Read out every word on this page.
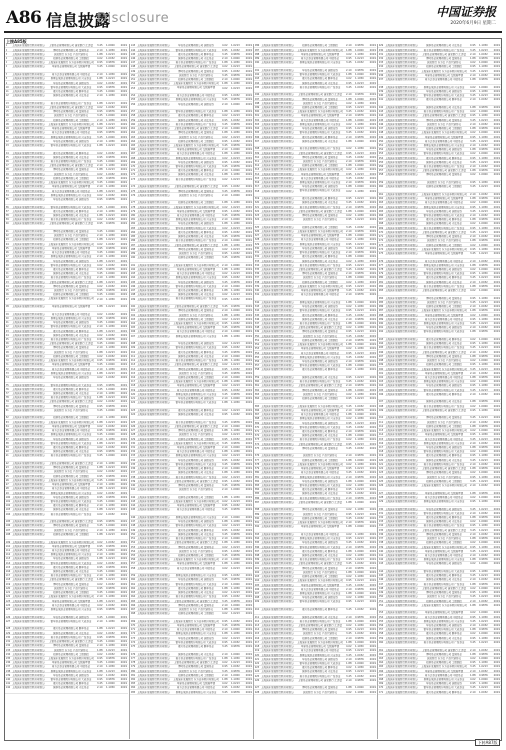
A86 信息披露
Disclosure	中国证券报
2020年6月9日 星期二
上接A85版
1	上海浦东发展银行股份有限公司 上银基金管理有限公司 浦发银行 汇添富	3.45	1.0000	2019
2	上海浦东发展银行股份有限公司	博时基金管理有限公司 富国基金	2.10	1.1050	2019
3	上海浦东发展银行股份有限公司	浦发银行 东方红 产品代销协议	1.88	1.0213	2019
4	上海浦东发展银行股份有限公司	招商基金管理有限公司 工银瑞信	4.02	1.0032	2019
5	上海浦东发展银行股份有限公司 上海浦东发展银行 东方证券股份有限公司	0.95	0.9876	2019
6	上海浦东发展银行股份有限公司	华夏基金管理有限公司 交银施罗德	3.45	1.0000	2019
7	上海浦东发展银行股份有限公司	易方达基金管理有限公司 中欧基金	2.10	1.1050	2019
8	上海浦东发展银行股份有限公司	景顺长城基金管理有限公司 兴全基金	1.88	1.0213	2019
9	上海浦东发展银行股份有限公司	华安基金管理有限公司 浦银安盛	4.02	1.0032	2019
10	上海浦东发展银行股份有限公司	银华基金管理股份有限公司 大成基金	0.95	0.9876	2019
11	上海浦东发展银行股份有限公司	嘉实基金管理有限公司 鹏华基金	3.45	1.0000	2019
12	上海浦东发展银行股份有限公司	国泰基金管理有限公司 天弘基金	2.10	1.1050	2019
13	上海浦东发展银行股份有限公司	南方基金管理股份有限公司 广发基金	1.88	1.0213	2019
14	上海浦东发展银行股份有限公司 上银基金管理有限公司 浦发银行 汇添富	4.02	1.0032	2019
15	上海浦东发展银行股份有限公司	博时基金管理有限公司 富国基金	0.95	0.9876	2019
16	上海浦东发展银行股份有限公司	浦发银行 东方红 产品代销协议	3.45	1.0000	2019
17	上海浦东发展银行股份有限公司	招商基金管理有限公司 工银瑞信	2.10	1.1050	2019
18	上海浦东发展银行股份有限公司 上海浦东发展银行 东方证券股份有限公司	1.88	1.0213	2019
19	上海浦东发展银行股份有限公司	华夏基金管理有限公司 交银施罗德	4.02	1.0032	2019
20	上海浦东发展银行股份有限公司	易方达基金管理有限公司 中欧基金	0.95	0.9876	2019
21	上海浦东发展银行股份有限公司	景顺长城基金管理有限公司 兴全基金	3.45	1.0000	2019
22	上海浦东发展银行股份有限公司	华安基金管理有限公司 浦银安盛	2.10	1.1050	2019
23	上海浦东发展银行股份有限公司	银华基金管理股份有限公司 大成基金	1.88	1.0213	2019
24	上海浦东发展银行股份有限公司	嘉实基金管理有限公司 鹏华基金	4.02	1.0032	2019
25	上海浦东发展银行股份有限公司	国泰基金管理有限公司 天弘基金	0.95	0.9876	2019
26	上海浦东发展银行股份有限公司	南方基金管理股份有限公司 广发基金	3.45	1.0000	2019
27	上海浦东发展银行股份有限公司 上银基金管理有限公司 浦发银行 汇添富	2.10	1.1050	2019
28	上海浦东发展银行股份有限公司	博时基金管理有限公司 富国基金	1.88	1.0213	2019
29	上海浦东发展银行股份有限公司	浦发银行 东方红 产品代销协议	4.02	1.0032	2019
30	上海浦东发展银行股份有限公司	招商基金管理有限公司 工银瑞信	0.95	0.9876	2019
31	上海浦东发展银行股份有限公司 上海浦东发展银行 东方证券股份有限公司	3.45	1.0000	2019
32	上海浦东发展银行股份有限公司	华夏基金管理有限公司 交银施罗德	2.10	1.1050	2019
33	上海浦东发展银行股份有限公司	易方达基金管理有限公司 中欧基金	1.88	1.0213	2019
34	上海浦东发展银行股份有限公司	景顺长城基金管理有限公司 兴全基金	4.02	1.0032	2019
35	上海浦东发展银行股份有限公司	华安基金管理有限公司 浦银安盛	0.95	0.9876	2019
36	上海浦东发展银行股份有限公司	银华基金管理股份有限公司 大成基金	3.45	1.0000	2019
37	上海浦东发展银行股份有限公司	嘉实基金管理有限公司 鹏华基金	2.10	1.1050	2019
38	上海浦东发展银行股份有限公司	国泰基金管理有限公司 天弘基金	1.88	1.0213	2019
39	上海浦东发展银行股份有限公司	南方基金管理股份有限公司 广发基金	4.02	1.0032	2019
40	上海浦东发展银行股份有限公司 上银基金管理有限公司 浦发银行 汇添富	0.95	0.9876	2019
41	上海浦东发展银行股份有限公司	博时基金管理有限公司 富国基金	3.45	1.0000	2019
42	上海浦东发展银行股份有限公司	浦发银行 东方红 产品代销协议	2.10	1.1050	2019
43	上海浦东发展银行股份有限公司	招商基金管理有限公司 工银瑞信	1.88	1.0213	2019
44	上海浦东发展银行股份有限公司 上海浦东发展银行 东方证券股份有限公司	4.02	1.0032	2019
45	上海浦东发展银行股份有限公司	华夏基金管理有限公司 交银施罗德	0.95	0.9876	2019
46	上海浦东发展银行股份有限公司	易方达基金管理有限公司 中欧基金	3.45	1.0000	2019
47	上海浦东发展银行股份有限公司	景顺长城基金管理有限公司 兴全基金	2.10	1.1050	2019
48	上海浦东发展银行股份有限公司	华安基金管理有限公司 浦银安盛	1.88	1.0213	2019
49	上海浦东发展银行股份有限公司	银华基金管理股份有限公司 大成基金	4.02	1.0032	2019
50	上海浦东发展银行股份有限公司	嘉实基金管理有限公司 鹏华基金	0.95	0.9876	2019
51	上海浦东发展银行股份有限公司	国泰基金管理有限公司 天弘基金	3.45	1.0000	2019
52	上海浦东发展银行股份有限公司	南方基金管理股份有限公司 广发基金	2.10	1.1050	2019
53	上海浦东发展银行股份有限公司 上银基金管理有限公司 浦发银行 汇添富	1.88	1.0213	2019
54	上海浦东发展银行股份有限公司	博时基金管理有限公司 富国基金	4.02	1.0032	2019
55	上海浦东发展银行股份有限公司	浦发银行 东方红 产品代销协议	0.95	0.9876	2019
56	上海浦东发展银行股份有限公司	招商基金管理有限公司 工银瑞信	3.45	1.0000	2019
57	上海浦东发展银行股份有限公司 上海浦东发展银行 东方证券股份有限公司	2.10	1.1050	2019
58	上海浦东发展银行股份有限公司	华夏基金管理有限公司 交银施罗德	1.88	1.0213	2019
59	上海浦东发展银行股份有限公司	易方达基金管理有限公司 中欧基金	4.02	1.0032	2019
60	上海浦东发展银行股份有限公司	景顺长城基金管理有限公司 兴全基金	0.95	0.9876	2019
61	上海浦东发展银行股份有限公司	华安基金管理有限公司 浦银安盛	3.45	1.0000	2019
62	上海浦东发展银行股份有限公司	银华基金管理股份有限公司 大成基金	2.10	1.1050	2019
63	上海浦东发展银行股份有限公司	嘉实基金管理有限公司 鹏华基金	1.88	1.0213	2019
64	上海浦东发展银行股份有限公司	国泰基金管理有限公司 天弘基金	4.02	1.0032	2019
65	上海浦东发展银行股份有限公司	南方基金管理股份有限公司 广发基金	0.95	0.9876	2019
66	上海浦东发展银行股份有限公司 上银基金管理有限公司 浦发银行 汇添富	3.45	1.0000	2019
67	上海浦东发展银行股份有限公司	博时基金管理有限公司 富国基金	2.10	1.1050	2019
68	上海浦东发展银行股份有限公司	浦发银行 东方红 产品代销协议	1.88	1.0213	2019
69	上海浦东发展银行股份有限公司	招商基金管理有限公司 工银瑞信	4.02	1.0032	2019
70	上海浦东发展银行股份有限公司 上海浦东发展银行 东方证券股份有限公司	0.95	0.9876	2019
71	上海浦东发展银行股份有限公司	华夏基金管理有限公司 交银施罗德	3.45	1.0000	2019
72	上海浦东发展银行股份有限公司	易方达基金管理有限公司 中欧基金	2.10	1.1050	2019
73	上海浦东发展银行股份有限公司	景顺长城基金管理有限公司 兴全基金	1.88	1.0213	2019
74	上海浦东发展银行股份有限公司	华安基金管理有限公司 浦银安盛	4.02	1.0032	2019
75	上海浦东发展银行股份有限公司	银华基金管理股份有限公司 大成基金	0.95	0.9876	2019
76	上海浦东发展银行股份有限公司	嘉实基金管理有限公司 鹏华基金	3.45	1.0000	2019
77	上海浦东发展银行股份有限公司	国泰基金管理有限公司 天弘基金	2.10	1.1050	2019
78	上海浦东发展银行股份有限公司	南方基金管理股份有限公司 广发基金	1.88	1.0213	2019
79	上海浦东发展银行股份有限公司 上银基金管理有限公司 浦发银行 汇添富	4.02	1.0032	2019
80	上海浦东发展银行股份有限公司	博时基金管理有限公司 富国基金	0.95	0.9876	2019
81	上海浦东发展银行股份有限公司	浦发银行 东方红 产品代销协议	3.45	1.0000	2019
82	上海浦东发展银行股份有限公司	招商基金管理有限公司 工银瑞信	2.10	1.1050	2019
83	上海浦东发展银行股份有限公司 上海浦东发展银行 东方证券股份有限公司	1.88	1.0213	2019
84	上海浦东发展银行股份有限公司	华夏基金管理有限公司 交银施罗德	4.02	1.0032	2019
85	上海浦东发展银行股份有限公司	易方达基金管理有限公司 中欧基金	0.95	0.9876	2019
86	上海浦东发展银行股份有限公司	景顺长城基金管理有限公司 兴全基金	3.45	1.0000	2019
87	上海浦东发展银行股份有限公司	华安基金管理有限公司 浦银安盛	2.10	1.1050	2019
88	上海浦东发展银行股份有限公司	银华基金管理股份有限公司 大成基金	1.88	1.0213	2019
89	上海浦东发展银行股份有限公司	嘉实基金管理有限公司 鹏华基金	4.02	1.0032	2019
90	上海浦东发展银行股份有限公司	国泰基金管理有限公司 天弘基金	0.95	0.9876	2019
91	上海浦东发展银行股份有限公司	南方基金管理股份有限公司 广发基金	3.45	1.0000	2019
92	上海浦东发展银行股份有限公司 上银基金管理有限公司 浦发银行 汇添富	2.10	1.1050	2019
93	上海浦东发展银行股份有限公司	博时基金管理有限公司 富国基金	1.88	1.0213	2019
94	上海浦东发展银行股份有限公司	浦发银行 东方红 产品代销协议	4.02	1.0032	2019
95	上海浦东发展银行股份有限公司	招商基金管理有限公司 工银瑞信	0.95	0.9876	2019
96	上海浦东发展银行股份有限公司 上海浦东发展银行 东方证券股份有限公司	3.45	1.0000	2019
97	上海浦东发展银行股份有限公司	华夏基金管理有限公司 交银施罗德	2.10	1.1050	2019
98	上海浦东发展银行股份有限公司	易方达基金管理有限公司 中欧基金	1.88	1.0213	2019
99	上海浦东发展银行股份有限公司	景顺长城基金管理有限公司 兴全基金	4.02	1.0032	2019
100 上海浦东发展银行股份有限公司	华安基金管理有限公司 浦银安盛	0.95	0.9876	2019
101 上海浦东发展银行股份有限公司	银华基金管理股份有限公司 大成基金	3.45	1.0000	2019
102 上海浦东发展银行股份有限公司	嘉实基金管理有限公司 鹏华基金	2.10	1.1050	2019
103 上海浦东发展银行股份有限公司	国泰基金管理有限公司 天弘基金	1.88	1.0213	2019
104 上海浦东发展银行股份有限公司	南方基金管理股份有限公司 广发基金	4.02	1.0032	2019
105 上海浦东发展银行股份有限公司 上银基金管理有限公司 浦发银行 汇添富	0.95	0.9876	2019
106 上海浦东发展银行股份有限公司	博时基金管理有限公司 富国基金	3.45	1.0000	2019
107 上海浦东发展银行股份有限公司	浦发银行 东方红 产品代销协议	2.10	1.1050	2019
108 上海浦东发展银行股份有限公司	招商基金管理有限公司 工银瑞信	1.88	1.0213	2019
109 上海浦东发展银行股份有限公司 上海浦东发展银行 东方证券股份有限公司	4.02	1.0032	2019
110 上海浦东发展银行股份有限公司	华夏基金管理有限公司 交银施罗德	0.95	0.9876	2019
111 上海浦东发展银行股份有限公司	易方达基金管理有限公司 中欧基金	3.45	1.0000	2019
112 上海浦东发展银行股份有限公司	景顺长城基金管理有限公司 兴全基金	2.10	1.1050	2019
113 上海浦东发展银行股份有限公司	华安基金管理有限公司 浦银安盛	1.88	1.0213	2019
114 上海浦东发展银行股份有限公司	银华基金管理股份有限公司 大成基金	4.02	1.0032	2019
115 上海浦东发展银行股份有限公司	嘉实基金管理有限公司 鹏华基金	0.95	0.9876	2019
116 上海浦东发展银行股份有限公司	国泰基金管理有限公司 天弘基金	3.45	1.0000	2019
117 上海浦东发展银行股份有限公司	南方基金管理股份有限公司 广发基金	2.10	1.1050	2019
118 上海浦东发展银行股份有限公司 上银基金管理有限公司 浦发银行 汇添富	1.88	1.0213	2019
119 上海浦东发展银行股份有限公司	博时基金管理有限公司 富国基金	4.02	1.0032	2019
120 上海浦东发展银行股份有限公司	浦发银行 东方红 产品代销协议	0.95	0.9876	2019
121 上海浦东发展银行股份有限公司	招商基金管理有限公司 工银瑞信	3.45	1.0000	2019
122 上海浦东发展银行股份有限公司 上海浦东发展银行 东方证券股份有限公司	2.10	1.1050	2019
123 上海浦东发展银行股份有限公司	华夏基金管理有限公司 交银施罗德	1.88	1.0213	2019
124 上海浦东发展银行股份有限公司	易方达基金管理有限公司 中欧基金	4.02	1.0032	2019
125 上海浦东发展银行股份有限公司	景顺长城基金管理有限公司 兴全基金	0.95	0.9876	2019
126 上海浦东发展银行股份有限公司	华安基金管理有限公司 浦银安盛	3.45	1.0000	2019
127 上海浦东发展银行股份有限公司	银华基金管理股份有限公司 大成基金	2.10	1.1050	2019
128 上海浦东发展银行股份有限公司	嘉实基金管理有限公司 鹏华基金	1.88	1.0213	2019
129 上海浦东发展银行股份有限公司	国泰基金管理有限公司 天弘基金	4.02	1.0032	2019
130 上海浦东发展银行股份有限公司	南方基金管理股份有限公司 广发基金	0.95	0.9876	2019
131 上海浦东发展银行股份有限公司 上银基金管理有限公司 浦发银行 汇添富	3.45	1.0000	2019
132 上海浦东发展银行股份有限公司	博时基金管理有限公司 富国基金	2.10	1.1050	2019
133 上海浦东发展银行股份有限公司	浦发银行 东方红 产品代销协议	1.88	1.0213	2019
134 上海浦东发展银行股份有限公司	招商基金管理有限公司 工银瑞信	4.02	1.0032	2019
135 上海浦东发展银行股份有限公司 上海浦东发展银行 东方证券股份有限公司	0.95	0.9876	2019
136 上海浦东发展银行股份有限公司	华夏基金管理有限公司 交银施罗德	3.45	1.0000	2019
137 上海浦东发展银行股份有限公司	易方达基金管理有限公司 中欧基金	2.10	1.1050	2019
138 上海浦东发展银行股份有限公司	景顺长城基金管理有限公司 兴全基金	1.88	1.0213	2019
139 上海浦东发展银行股份有限公司	华安基金管理有限公司 浦银安盛	4.02	1.0032	2019
140 上海浦东发展银行股份有限公司	银华基金管理股份有限公司 大成基金	0.95	0.9876	2019
141 上海浦东发展银行股份有限公司	嘉实基金管理有限公司 鹏华基金	3.45	1.0000	2019
142 上海浦东发展银行股份有限公司	国泰基金管理有限公司 天弘基金	2.10	1.1050	2019
143 上海浦东发展银行股份有限公司	华安基金管理有限公司 浦银安盛	4.02	1.0213	2019
144 上海浦东发展银行股份有限公司	银华基金管理股份有限公司 大成基金	0.95	1.0032	2019
145 上海浦东发展银行股份有限公司	嘉实基金管理有限公司 鹏华基金	3.45	0.9876	2019
146 上海浦东发展银行股份有限公司	国泰基金管理有限公司 天弘基金	2.10	1.0000	2019
147 上海浦东发展银行股份有限公司	南方基金管理股份有限公司 广发基金	1.88	1.1050	2019
148 上海浦东发展银行股份有限公司 上银基金管理有限公司 浦发银行 汇添富	4.02	1.0213	2019
149 上海浦东发展银行股份有限公司	博时基金管理有限公司 富国基金	0.95	1.0032	2019
150 上海浦东发展银行股份有限公司	浦发银行 东方红 产品代销协议	3.45	0.9876	2019
151 上海浦东发展银行股份有限公司	招商基金管理有限公司 工银瑞信	2.10	1.0000	2019
152 上海浦东发展银行股份有限公司 上海浦东发展银行 东方证券股份有限公司	1.88	1.1050	2019
153 上海浦东发展银行股份有限公司	华夏基金管理有限公司 交银施罗德	4.02	1.0213	2019
154 上海浦东发展银行股份有限公司	易方达基金管理有限公司 中欧基金	0.95	1.0032	2019
155 上海浦东发展银行股份有限公司	景顺长城基金管理有限公司 兴全基金	3.45	0.9876	2019
156 上海浦东发展银行股份有限公司	华安基金管理有限公司 浦银安盛	2.10	1.0000	2019
157 上海浦东发展银行股份有限公司	银华基金管理股份有限公司 大成基金	1.88	1.1050	2019
158 上海浦东发展银行股份有限公司	嘉实基金管理有限公司 鹏华基金	4.02	1.0213	2019
159 上海浦东发展银行股份有限公司	国泰基金管理有限公司 天弘基金	0.95	1.0032	2019
160 上海浦东发展银行股份有限公司	南方基金管理股份有限公司 广发基金	3.45	0.9876	2019
161 上海浦东发展银行股份有限公司 上银基金管理有限公司 浦发银行 汇添富	2.10	1.0000	2019
162 上海浦东发展银行股份有限公司	博时基金管理有限公司 富国基金	1.88	1.1050	2019
163 上海浦东发展银行股份有限公司	浦发银行 东方红 产品代销协议	4.02	1.0213	2019
164 上海浦东发展银行股份有限公司	招商基金管理有限公司 工银瑞信	0.95	1.0032	2019
165 上海浦东发展银行股份有限公司 上海浦东发展银行 东方证券股份有限公司	3.45	0.9876	2019
166 上海浦东发展银行股份有限公司	华夏基金管理有限公司 交银施罗德	2.10	1.0000	2019
167 上海浦东发展银行股份有限公司	易方达基金管理有限公司 中欧基金	1.88	1.1050	2019
168 上海浦东发展银行股份有限公司	景顺长城基金管理有限公司 兴全基金	4.02	1.0213	2019
169 上海浦东发展银行股份有限公司	华安基金管理有限公司 浦银安盛	0.95	1.0032	2019
170 上海浦东发展银行股份有限公司	银华基金管理股份有限公司 大成基金	3.45	0.9876	2019
171 上海浦东发展银行股份有限公司	嘉实基金管理有限公司 鹏华基金	2.10	1.0000	2019
172 上海浦东发展银行股份有限公司	国泰基金管理有限公司 天弘基金	1.88	1.1050	2019
173 上海浦东发展银行股份有限公司	南方基金管理股份有限公司 广发基金	4.02	1.0213	2019
174 上海浦东发展银行股份有限公司 上银基金管理有限公司 浦发银行 汇添富	0.95	1.0032	2019
175 上海浦东发展银行股份有限公司	博时基金管理有限公司 富国基金	3.45	0.9876	2019
176 上海浦东发展银行股份有限公司	浦发银行 东方红 产品代销协议	2.10	1.0000	2019
177 上海浦东发展银行股份有限公司	招商基金管理有限公司 工银瑞信	1.88	1.1050	2019
178 上海浦东发展银行股份有限公司 上海浦东发展银行 东方证券股份有限公司	4.02	1.0213	2019
179 上海浦东发展银行股份有限公司	华夏基金管理有限公司 交银施罗德	0.95	1.0032	2019
180 上海浦东发展银行股份有限公司	易方达基金管理有限公司 中欧基金	3.45	0.9876	2019
181 上海浦东发展银行股份有限公司	景顺长城基金管理有限公司 兴全基金	2.10	1.0000	2019
182 上海浦东发展银行股份有限公司	华安基金管理有限公司 浦银安盛	1.88	1.1050	2019
183 上海浦东发展银行股份有限公司	银华基金管理股份有限公司 大成基金	4.02	1.0213	2019
184 上海浦东发展银行股份有限公司	嘉实基金管理有限公司 鹏华基金	0.95	1.0032	2019
185 上海浦东发展银行股份有限公司	国泰基金管理有限公司 天弘基金	3.45	0.9876	2019
186 上海浦东发展银行股份有限公司	南方基金管理股份有限公司 广发基金	2.10	1.0000	2019
187 上海浦东发展银行股份有限公司 上银基金管理有限公司 浦发银行 汇添富	1.88	1.1050	2019
188 上海浦东发展银行股份有限公司	博时基金管理有限公司 富国基金	4.02	1.0213	2019
189 上海浦东发展银行股份有限公司	浦发银行 东方红 产品代销协议	0.95	1.0032	2019
190 上海浦东发展银行股份有限公司	招商基金管理有限公司 工银瑞信	3.45	0.9876	2019
191 上海浦东发展银行股份有限公司 上海浦东发展银行 东方证券股份有限公司	2.10	1.0000	2019
192 上海浦东发展银行股份有限公司	华夏基金管理有限公司 交银施罗德	1.88	1.1050	2019
193 上海浦东发展银行股份有限公司	易方达基金管理有限公司 中欧基金	4.02	1.0213	2019
194 上海浦东发展银行股份有限公司	景顺长城基金管理有限公司 兴全基金	0.95	1.0032	2019
195 上海浦东发展银行股份有限公司	华安基金管理有限公司 浦银安盛	3.45	0.9876	2019
196 上海浦东发展银行股份有限公司	银华基金管理股份有限公司 大成基金	2.10	1.0000	2019
197 上海浦东发展银行股份有限公司	嘉实基金管理有限公司 鹏华基金	1.88	1.1050	2019
198 上海浦东发展银行股份有限公司	国泰基金管理有限公司 天弘基金	4.02	1.0213	2019
199 上海浦东发展银行股份有限公司	南方基金管理股份有限公司 广发基金	0.95	1.0032	2019
200 上海浦东发展银行股份有限公司 上银基金管理有限公司 浦发银行 汇添富	3.45	0.9876	2019
201 上海浦东发展银行股份有限公司	博时基金管理有限公司 富国基金	2.10	1.0000	2019
202 上海浦东发展银行股份有限公司	浦发银行 东方红 产品代销协议	1.88	1.1050	2019
203 上海浦东发展银行股份有限公司	招商基金管理有限公司 工银瑞信	4.02	1.0213	2019
204 上海浦东发展银行股份有限公司 上海浦东发展银行 东方证券股份有限公司	0.95	1.0032	2019
205 上海浦东发展银行股份有限公司	华夏基金管理有限公司 交银施罗德	3.45	0.9876	2019
206 上海浦东发展银行股份有限公司	易方达基金管理有限公司 中欧基金	2.10	1.0000	2019
207 上海浦东发展银行股份有限公司	景顺长城基金管理有限公司 兴全基金	1.88	1.1050	2019
208 上海浦东发展银行股份有限公司	华安基金管理有限公司 浦银安盛	4.02	1.0213	2019
209 上海浦东发展银行股份有限公司	银华基金管理股份有限公司 大成基金	0.95	1.0032	2019
210 上海浦东发展银行股份有限公司	嘉实基金管理有限公司 鹏华基金	3.45	0.9876	2019
211 上海浦东发展银行股份有限公司	国泰基金管理有限公司 天弘基金	2.10	1.0000	2019
212 上海浦东发展银行股份有限公司	南方基金管理股份有限公司 广发基金	1.88	1.1050	2019
213 上海浦东发展银行股份有限公司 上银基金管理有限公司 浦发银行 汇添富	4.02	1.0213	2019
214 上海浦东发展银行股份有限公司	博时基金管理有限公司 富国基金	0.95	1.0032	2019
215 上海浦东发展银行股份有限公司	浦发银行 东方红 产品代销协议	3.45	0.9876	2019
216 上海浦东发展银行股份有限公司	招商基金管理有限公司 工银瑞信	2.10	1.0000	2019
217 上海浦东发展银行股份有限公司 上海浦东发展银行 东方证券股份有限公司	1.88	1.1050	2019
218 上海浦东发展银行股份有限公司	华夏基金管理有限公司 交银施罗德	4.02	1.0213	2019
219 上海浦东发展银行股份有限公司	易方达基金管理有限公司 中欧基金	0.95	1.0032	2019
220 上海浦东发展银行股份有限公司	景顺长城基金管理有限公司 兴全基金	3.45	0.9876	2019
221 上海浦东发展银行股份有限公司	华安基金管理有限公司 浦银安盛	2.10	1.0000	2019
222 上海浦东发展银行股份有限公司	银华基金管理股份有限公司 大成基金	1.88	1.1050	2019
223 上海浦东发展银行股份有限公司	嘉实基金管理有限公司 鹏华基金	4.02	1.0213	2019
224 上海浦东发展银行股份有限公司	国泰基金管理有限公司 天弘基金	0.95	1.0032	2019
225 上海浦东发展银行股份有限公司	南方基金管理股份有限公司 广发基金	3.45	0.9876	2019
226 上海浦东发展银行股份有限公司 上银基金管理有限公司 浦发银行 汇添富	2.10	1.0000	2019
227 上海浦东发展银行股份有限公司	博时基金管理有限公司 富国基金	1.88	1.1050	2019
228 上海浦东发展银行股份有限公司	浦发银行 东方红 产品代销协议	4.02	1.0213	2019
229 上海浦东发展银行股份有限公司	招商基金管理有限公司 工银瑞信	0.95	1.0032	2019
230 上海浦东发展银行股份有限公司 上海浦东发展银行 东方证券股份有限公司	3.45	0.9876	2019
231 上海浦东发展银行股份有限公司	华夏基金管理有限公司 交银施罗德	2.10	1.0000	2019
232 上海浦东发展银行股份有限公司	易方达基金管理有限公司 中欧基金	1.88	1.1050	2019
233 上海浦东发展银行股份有限公司	景顺长城基金管理有限公司 兴全基金	4.02	1.0213	2019
234 上海浦东发展银行股份有限公司	华安基金管理有限公司 浦银安盛	0.95	1.0032	2019
235 上海浦东发展银行股份有限公司	银华基金管理股份有限公司 大成基金	3.45	0.9876	2019
236 上海浦东发展银行股份有限公司	嘉实基金管理有限公司 鹏华基金	2.10	1.0000	2019
237 上海浦东发展银行股份有限公司	国泰基金管理有限公司 天弘基金	1.88	1.1050	2019
238 上海浦东发展银行股份有限公司	南方基金管理股份有限公司 广发基金	4.02	1.0213	2019
239 上海浦东发展银行股份有限公司 上银基金管理有限公司 浦发银行 汇添富	0.95	1.0032	2019
240 上海浦东发展银行股份有限公司	博时基金管理有限公司 富国基金	3.45	0.9876	2019
241 上海浦东发展银行股份有限公司	浦发银行 东方红 产品代销协议	2.10	1.0000	2019
242 上海浦东发展银行股份有限公司	招商基金管理有限公司 工银瑞信	1.88	1.1050	2019
243 上海浦东发展银行股份有限公司 上海浦东发展银行 东方证券股份有限公司	4.02	1.0213	2019
244 上海浦东发展银行股份有限公司	华夏基金管理有限公司 交银施罗德	0.95	1.0032	2019
245 上海浦东发展银行股份有限公司	易方达基金管理有限公司 中欧基金	3.45	0.9876	2019
246 上海浦东发展银行股份有限公司	景顺长城基金管理有限公司 兴全基金	2.10	1.0000	2019
247 上海浦东发展银行股份有限公司	华安基金管理有限公司 浦银安盛	1.88	1.1050	2019
248 上海浦东发展银行股份有限公司	银华基金管理股份有限公司 大成基金	4.02	1.0213	2019
249 上海浦东发展银行股份有限公司	嘉实基金管理有限公司 鹏华基金	0.95	1.0032	2019
250 上海浦东发展银行股份有限公司	国泰基金管理有限公司 天弘基金	3.45	0.9876	2019
251 上海浦东发展银行股份有限公司	南方基金管理股份有限公司 广发基金	2.10	1.0000	2019
252 上海浦东发展银行股份有限公司 上银基金管理有限公司 浦发银行 汇添富	1.88	1.1050	2019
253 上海浦东发展银行股份有限公司	博时基金管理有限公司 富国基金	4.02	1.0213	2019
254 上海浦东发展银行股份有限公司	浦发银行 东方红 产品代销协议	0.95	1.0032	2019
255 上海浦东发展银行股份有限公司	招商基金管理有限公司 工银瑞信	3.45	0.9876	2019
256 上海浦东发展银行股份有限公司 上海浦东发展银行 东方证券股份有限公司	2.10	1.0000	2019
257 上海浦东发展银行股份有限公司	华夏基金管理有限公司 交银施罗德	1.88	1.1050	2019
258 上海浦东发展银行股份有限公司	易方达基金管理有限公司 中欧基金	4.02	1.0213	2019
259 上海浦东发展银行股份有限公司	景顺长城基金管理有限公司 兴全基金	0.95	1.0032	2019
260 上海浦东发展银行股份有限公司	华安基金管理有限公司 浦银安盛	3.45	0.9876	2019
261 上海浦东发展银行股份有限公司	银华基金管理股份有限公司 大成基金	2.10	1.0000	2019
262 上海浦东发展银行股份有限公司	嘉实基金管理有限公司 鹏华基金	1.88	1.1050	2019
263 上海浦东发展银行股份有限公司	国泰基金管理有限公司 天弘基金	4.02	1.0213	2019
264 上海浦东发展银行股份有限公司	南方基金管理股份有限公司 广发基金	0.95	1.0032	2019
265 上海浦东发展银行股份有限公司 上银基金管理有限公司 浦发银行 汇添富	3.45	0.9876	2019
266 上海浦东发展银行股份有限公司	博时基金管理有限公司 富国基金	2.10	1.0000	2019
267 上海浦东发展银行股份有限公司	浦发银行 东方红 产品代销协议	1.88	1.1050	2019
268 上海浦东发展银行股份有限公司	招商基金管理有限公司 工银瑞信	4.02	1.0213	2019
269 上海浦东发展银行股份有限公司 上海浦东发展银行 东方证券股份有限公司	0.95	1.0032	2019
270 上海浦东发展银行股份有限公司	华夏基金管理有限公司 交银施罗德	3.45	0.9876	2019
271 上海浦东发展银行股份有限公司	易方达基金管理有限公司 中欧基金	2.10	1.0000	2019
272 上海浦东发展银行股份有限公司	景顺长城基金管理有限公司 兴全基金	1.88	1.1050	2019
273 上海浦东发展银行股份有限公司	华安基金管理有限公司 浦银安盛	4.02	1.0213	2019
274 上海浦东发展银行股份有限公司	银华基金管理股份有限公司 大成基金	0.95	1.0032	2019
275 上海浦东发展银行股份有限公司	嘉实基金管理有限公司 鹏华基金	3.45	0.9876	2019
276 上海浦东发展银行股份有限公司	国泰基金管理有限公司 天弘基金	2.10	1.0000	2019
277 上海浦东发展银行股份有限公司	南方基金管理股份有限公司 广发基金	1.88	1.1050	2019
278 上海浦东发展银行股份有限公司 上银基金管理有限公司 浦发银行 汇添富	4.02	1.0213	2019
279 上海浦东发展银行股份有限公司	博时基金管理有限公司 富国基金	0.95	1.0032	2019
280 上海浦东发展银行股份有限公司	浦发银行 东方红 产品代销协议	3.45	0.9876	2019
281 上海浦东发展银行股份有限公司	招商基金管理有限公司 工银瑞信	2.10	1.0000	2019
282 上海浦东发展银行股份有限公司 上海浦东发展银行 东方证券股份有限公司	1.88	1.1050	2019
283 上海浦东发展银行股份有限公司	华夏基金管理有限公司 交银施罗德	4.02	1.0213	2019
284 上海浦东发展银行股份有限公司	易方达基金管理有限公司 中欧基金	0.95	1.0032	2019
285 上海浦东发展银行股份有限公司	景顺长城基金管理有限公司 兴全基金	3.45	0.9876	2019
286 上海浦东发展银行股份有限公司	招商基金管理有限公司 工银瑞信	2.10	0.9876	2019
287 上海浦东发展银行股份有限公司 上海浦东发展银行 东方证券股份有限公司	1.88	1.0000	2019
288 上海浦东发展银行股份有限公司	华夏基金管理有限公司 交银施罗德	4.02	1.1050	2019
289 上海浦东发展银行股份有限公司	易方达基金管理有限公司 中欧基金	0.95	1.0213	2019
290 上海浦东发展银行股份有限公司	景顺长城基金管理有限公司 兴全基金	3.45	1.0032	2019
291 上海浦东发展银行股份有限公司	华安基金管理有限公司 浦银安盛	2.10	0.9876	2019
292 上海浦东发展银行股份有限公司	银华基金管理股份有限公司 大成基金	1.88	1.0000	2019
293 上海浦东发展银行股份有限公司	嘉实基金管理有限公司 鹏华基金	4.02	1.1050	2019
294 上海浦东发展银行股份有限公司	国泰基金管理有限公司 天弘基金	0.95	1.0213	2019
295 上海浦东发展银行股份有限公司	南方基金管理股份有限公司 广发基金	3.45	1.0032	2019
296 上海浦东发展银行股份有限公司 上银基金管理有限公司 浦发银行 汇添富	2.10	0.9876	2019
297 上海浦东发展银行股份有限公司	博时基金管理有限公司 富国基金	1.88	1.0000	2019
298 上海浦东发展银行股份有限公司	浦发银行 东方红 产品代销协议	4.02	1.1050	2019
299 上海浦东发展银行股份有限公司	招商基金管理有限公司 工银瑞信	0.95	1.0213	2019
300 上海浦东发展银行股份有限公司 上海浦东发展银行 东方证券股份有限公司	3.45	1.0032	2019
301 上海浦东发展银行股份有限公司	华夏基金管理有限公司 交银施罗德	2.10	0.9876	2019
302 上海浦东发展银行股份有限公司	易方达基金管理有限公司 中欧基金	1.88	1.0000	2019
303 上海浦东发展银行股份有限公司	景顺长城基金管理有限公司 兴全基金	4.02	1.1050	2019
304 上海浦东发展银行股份有限公司	华安基金管理有限公司 浦银安盛	0.95	1.0213	2019
305 上海浦东发展银行股份有限公司	银华基金管理股份有限公司 大成基金	3.45	1.0032	2019
306 上海浦东发展银行股份有限公司	嘉实基金管理有限公司 鹏华基金	2.10	0.9876	2019
307 上海浦东发展银行股份有限公司	国泰基金管理有限公司 天弘基金	1.88	1.0000	2019
308 上海浦东发展银行股份有限公司	南方基金管理股份有限公司 广发基金	4.02	1.1050	2019
309 上海浦东发展银行股份有限公司 上银基金管理有限公司 浦发银行 汇添富	0.95	1.0213	2019
310 上海浦东发展银行股份有限公司	博时基金管理有限公司 富国基金	3.45	1.0032	2019
311 上海浦东发展银行股份有限公司	浦发银行 东方红 产品代销协议	2.10	0.9876	2019
312 上海浦东发展银行股份有限公司	招商基金管理有限公司 工银瑞信	1.88	1.0000	2019
313 上海浦东发展银行股份有限公司 上海浦东发展银行 东方证券股份有限公司	4.02	1.1050	2019
314 上海浦东发展银行股份有限公司	华夏基金管理有限公司 交银施罗德	0.95	1.0213	2019
315 上海浦东发展银行股份有限公司	易方达基金管理有限公司 中欧基金	3.45	1.0032	2019
316 上海浦东发展银行股份有限公司	景顺长城基金管理有限公司 兴全基金	2.10	0.9876	2019
317 上海浦东发展银行股份有限公司	华安基金管理有限公司 浦银安盛	1.88	1.0000	2019
318 上海浦东发展银行股份有限公司	银华基金管理股份有限公司 大成基金	4.02	1.1050	2019
319 上海浦东发展银行股份有限公司	嘉实基金管理有限公司 鹏华基金	0.95	1.0213	2019
320 上海浦东发展银行股份有限公司	国泰基金管理有限公司 天弘基金	3.45	1.0032	2019
321 上海浦东发展银行股份有限公司	南方基金管理股份有限公司 广发基金	2.10	0.9876	2019
322 上海浦东发展银行股份有限公司 上银基金管理有限公司 浦发银行 汇添富	1.88	1.0000	2019
323 上海浦东发展银行股份有限公司	博时基金管理有限公司 富国基金	4.02	1.1050	2019
324 上海浦东发展银行股份有限公司	浦发银行 东方红 产品代销协议	0.95	1.0213	2019
325 上海浦东发展银行股份有限公司	招商基金管理有限公司 工银瑞信	3.45	1.0032	2019
326 上海浦东发展银行股份有限公司 上海浦东发展银行 东方证券股份有限公司	2.10	0.9876	2019
327 上海浦东发展银行股份有限公司	华夏基金管理有限公司 交银施罗德	1.88	1.0000	2019
328 上海浦东发展银行股份有限公司	易方达基金管理有限公司 中欧基金	4.02	1.1050	2019
329 上海浦东发展银行股份有限公司	景顺长城基金管理有限公司 兴全基金	0.95	1.0213	2019
330 上海浦东发展银行股份有限公司	华安基金管理有限公司 浦银安盛	3.45	1.0032	2019
331 上海浦东发展银行股份有限公司	银华基金管理股份有限公司 大成基金	2.10	0.9876	2019
332 上海浦东发展银行股份有限公司	嘉实基金管理有限公司 鹏华基金	1.88	1.0000	2019
333 上海浦东发展银行股份有限公司	国泰基金管理有限公司 天弘基金	4.02	1.1050	2019
334 上海浦东发展银行股份有限公司	南方基金管理股份有限公司 广发基金	0.95	1.0213	2019
335 上海浦东发展银行股份有限公司 上银基金管理有限公司 浦发银行 汇添富	3.45	1.0032	2019
336 上海浦东发展银行股份有限公司	博时基金管理有限公司 富国基金	2.10	0.9876	2019
337 上海浦东发展银行股份有限公司	浦发银行 东方红 产品代销协议	1.88	1.0000	2019
338 上海浦东发展银行股份有限公司	招商基金管理有限公司 工银瑞信	4.02	1.1050	2019
339 上海浦东发展银行股份有限公司 上海浦东发展银行 东方证券股份有限公司	0.95	1.0213	2019
340 上海浦东发展银行股份有限公司	华夏基金管理有限公司 交银施罗德	3.45	1.0032	2019
341 上海浦东发展银行股份有限公司	易方达基金管理有限公司 中欧基金	2.10	0.9876	2019
342 上海浦东发展银行股份有限公司	景顺长城基金管理有限公司 兴全基金	1.88	1.0000	2019
343 上海浦东发展银行股份有限公司	华安基金管理有限公司 浦银安盛	4.02	1.1050	2019
344 上海浦东发展银行股份有限公司	银华基金管理股份有限公司 大成基金	0.95	1.0213	2019
345 上海浦东发展银行股份有限公司	嘉实基金管理有限公司 鹏华基金	3.45	1.0032	2019
346 上海浦东发展银行股份有限公司	国泰基金管理有限公司 天弘基金	2.10	0.9876	2019
347 上海浦东发展银行股份有限公司	南方基金管理股份有限公司 广发基金	1.88	1.0000	2019
348 上海浦东发展银行股份有限公司 上银基金管理有限公司 浦发银行 汇添富	4.02	1.1050	2019
349 上海浦东发展银行股份有限公司	博时基金管理有限公司 富国基金	0.95	1.0213	2019
350 上海浦东发展银行股份有限公司	浦发银行 东方红 产品代销协议	3.45	1.0032	2019
351 上海浦东发展银行股份有限公司	招商基金管理有限公司 工银瑞信	2.10	0.9876	2019
352 上海浦东发展银行股份有限公司 上海浦东发展银行 东方证券股份有限公司	1.88	1.0000	2019
353 上海浦东发展银行股份有限公司	华夏基金管理有限公司 交银施罗德	4.02	1.1050	2019
354 上海浦东发展银行股份有限公司	易方达基金管理有限公司 中欧基金	0.95	1.0213	2019
355 上海浦东发展银行股份有限公司	景顺长城基金管理有限公司 兴全基金	3.45	1.0032	2019
356 上海浦东发展银行股份有限公司	华安基金管理有限公司 浦银安盛	2.10	0.9876	2019
357 上海浦东发展银行股份有限公司	银华基金管理股份有限公司 大成基金	1.88	1.0000	2019
358 上海浦东发展银行股份有限公司	嘉实基金管理有限公司 鹏华基金	4.02	1.1050	2019
359 上海浦东发展银行股份有限公司	国泰基金管理有限公司 天弘基金	0.95	1.0213	2019
360 上海浦东发展银行股份有限公司	南方基金管理股份有限公司 广发基金	3.45	1.0032	2019
361 上海浦东发展银行股份有限公司 上银基金管理有限公司 浦发银行 汇添富	2.10	0.9876	2019
362 上海浦东发展银行股份有限公司	博时基金管理有限公司 富国基金	1.88	1.0000	2019
363 上海浦东发展银行股份有限公司	浦发银行 东方红 产品代销协议	4.02	1.1050	2019
364 上海浦东发展银行股份有限公司	招商基金管理有限公司 工银瑞信	0.95	1.0213	2019
365 上海浦东发展银行股份有限公司 上海浦东发展银行 东方证券股份有限公司	3.45	1.0032	2019
366 上海浦东发展银行股份有限公司	华夏基金管理有限公司 交银施罗德	2.10	0.9876	2019
367 上海浦东发展银行股份有限公司	易方达基金管理有限公司 中欧基金	1.88	1.0000	2019
368 上海浦东发展银行股份有限公司	景顺长城基金管理有限公司 兴全基金	4.02	1.1050	2019
369 上海浦东发展银行股份有限公司	华安基金管理有限公司 浦银安盛	0.95	1.0213	2019
370 上海浦东发展银行股份有限公司	银华基金管理股份有限公司 大成基金	3.45	1.0032	2019
371 上海浦东发展银行股份有限公司	嘉实基金管理有限公司 鹏华基金	2.10	0.9876	2019
372 上海浦东发展银行股份有限公司	国泰基金管理有限公司 天弘基金	1.88	1.0000	2019
373 上海浦东发展银行股份有限公司	南方基金管理股份有限公司 广发基金	4.02	1.1050	2019
374 上海浦东发展银行股份有限公司 上银基金管理有限公司 浦发银行 汇添富	0.95	1.0213	2019
375 上海浦东发展银行股份有限公司	博时基金管理有限公司 富国基金	3.45	1.0032	2019
376 上海浦东发展银行股份有限公司	浦发银行 东方红 产品代销协议	2.10	0.9876	2019
377 上海浦东发展银行股份有限公司	招商基金管理有限公司 工银瑞信	1.88	1.0000	2019
378 上海浦东发展银行股份有限公司 上海浦东发展银行 东方证券股份有限公司	4.02	1.1050	2019
379 上海浦东发展银行股份有限公司	华夏基金管理有限公司 交银施罗德	0.95	1.0213	2019
380 上海浦东发展银行股份有限公司	易方达基金管理有限公司 中欧基金	3.45	1.0032	2019
381 上海浦东发展银行股份有限公司	景顺长城基金管理有限公司 兴全基金	2.10	0.9876	2019
382 上海浦东发展银行股份有限公司	华安基金管理有限公司 浦银安盛	1.88	1.0000	2019
383 上海浦东发展银行股份有限公司	银华基金管理股份有限公司 大成基金	4.02	1.1050	2019
384 上海浦东发展银行股份有限公司	嘉实基金管理有限公司 鹏华基金	0.95	1.0213	2019
385 上海浦东发展银行股份有限公司	国泰基金管理有限公司 天弘基金	3.45	1.0032	2019
386 上海浦东发展银行股份有限公司	南方基金管理股份有限公司 广发基金	2.10	0.9876	2019
387 上海浦东发展银行股份有限公司 上银基金管理有限公司 浦发银行 汇添富	1.88	1.0000	2019
388 上海浦东发展银行股份有限公司	博时基金管理有限公司 富国基金	4.02	1.1050	2019
389 上海浦东发展银行股份有限公司	浦发银行 东方红 产品代销协议	0.95	1.0213	2019
390 上海浦东发展银行股份有限公司	招商基金管理有限公司 工银瑞信	3.45	1.0032	2019
391 上海浦东发展银行股份有限公司 上海浦东发展银行 东方证券股份有限公司	2.10	0.9876	2019
392 上海浦东发展银行股份有限公司	华夏基金管理有限公司 交银施罗德	1.88	1.0000	2019
393 上海浦东发展银行股份有限公司	易方达基金管理有限公司 中欧基金	4.02	1.1050	2019
394 上海浦东发展银行股份有限公司	景顺长城基金管理有限公司 兴全基金	0.95	1.0213	2019
395 上海浦东发展银行股份有限公司	华安基金管理有限公司 浦银安盛	3.45	1.0032	2019
396 上海浦东发展银行股份有限公司	银华基金管理股份有限公司 大成基金	2.10	0.9876	2019
397 上海浦东发展银行股份有限公司	嘉实基金管理有限公司 鹏华基金	1.88	1.0000	2019
398 上海浦东发展银行股份有限公司	国泰基金管理有限公司 天弘基金	4.02	1.1050	2019
399 上海浦东发展银行股份有限公司	南方基金管理股份有限公司 广发基金	0.95	1.0213	2019
400 上海浦东发展银行股份有限公司 上银基金管理有限公司 浦发银行 汇添富	3.45	1.0032	2019
401 上海浦东发展银行股份有限公司	博时基金管理有限公司 富国基金	2.10	0.9876	2019
402 上海浦东发展银行股份有限公司	浦发银行 东方红 产品代销协议	1.88	1.0000	2019
403 上海浦东发展银行股份有限公司	招商基金管理有限公司 工银瑞信	4.02	1.1050	2019
404 上海浦东发展银行股份有限公司 上海浦东发展银行 东方证券股份有限公司	0.95	1.0213	2019
405 上海浦东发展银行股份有限公司	华夏基金管理有限公司 交银施罗德	3.45	1.0032	2019
406 上海浦东发展银行股份有限公司	易方达基金管理有限公司 中欧基金	2.10	0.9876	2019
407 上海浦东发展银行股份有限公司	景顺长城基金管理有限公司 兴全基金	1.88	1.0000	2019
408 上海浦东发展银行股份有限公司	华安基金管理有限公司 浦银安盛	4.02	1.1050	2019
409 上海浦东发展银行股份有限公司	银华基金管理股份有限公司 大成基金	0.95	1.0213	2019
410 上海浦东发展银行股份有限公司	嘉实基金管理有限公司 鹏华基金	3.45	1.0032	2019
411 上海浦东发展银行股份有限公司	国泰基金管理有限公司 天弘基金	2.10	0.9876	2019
412 上海浦东发展银行股份有限公司	南方基金管理股份有限公司 广发基金	1.88	1.0000	2019
413 上海浦东发展银行股份有限公司 上银基金管理有限公司 浦发银行 汇添富	4.02	1.1050	2019
414 上海浦东发展银行股份有限公司	博时基金管理有限公司 富国基金	0.95	1.0213	2019
415 上海浦东发展银行股份有限公司	浦发银行 东方红 产品代销协议	3.45	1.0032	2019
416 上海浦东发展银行股份有限公司	招商基金管理有限公司 工银瑞信	2.10	0.9876	2019
417 上海浦东发展银行股份有限公司 上海浦东发展银行 东方证券股份有限公司	1.88	1.0000	2019
418 上海浦东发展银行股份有限公司	华夏基金管理有限公司 交银施罗德	4.02	1.1050	2019
419 上海浦东发展银行股份有限公司	易方达基金管理有限公司 中欧基金	0.95	1.0213	2019
420 上海浦东发展银行股份有限公司	景顺长城基金管理有限公司 兴全基金	3.45	1.0032	2019
421 上海浦东发展银行股份有限公司	华安基金管理有限公司 浦银安盛	2.10	0.9876	2019
422 上海浦东发展银行股份有限公司	银华基金管理股份有限公司 大成基金	1.88	1.0000	2019
423 上海浦东发展银行股份有限公司	嘉实基金管理有限公司 鹏华基金	4.02	1.1050	2019
424 上海浦东发展银行股份有限公司	国泰基金管理有限公司 天弘基金	0.95	1.0213	2019
425 上海浦东发展银行股份有限公司	南方基金管理股份有限公司 广发基金	3.45	1.0032	2019
426 上海浦东发展银行股份有限公司 上银基金管理有限公司 浦发银行 汇添富	2.10	0.9876	2019
427 上海浦东发展银行股份有限公司	博时基金管理有限公司 富国基金	1.88	1.0000	2019
428 上海浦东发展银行股份有限公司	浦发银行 东方红 产品代销协议	4.02	1.1050	2019
429 上海浦东发展银行股份有限公司	国泰基金管理有限公司 天弘基金	0.95	1.1050	2019
430 上海浦东发展银行股份有限公司	南方基金管理股份有限公司 广发基金	3.45	1.0213	2019
431 上海浦东发展银行股份有限公司 上银基金管理有限公司 浦发银行 汇添富	2.10	1.0032	2019
432 上海浦东发展银行股份有限公司	博时基金管理有限公司 富国基金	1.88	0.9876	2019
433 上海浦东发展银行股份有限公司	浦发银行 东方红 产品代销协议	4.02	1.0000	2019
434 上海浦东发展银行股份有限公司	招商基金管理有限公司 工银瑞信	0.95	1.1050	2019
435 上海浦东发展银行股份有限公司 上海浦东发展银行 东方证券股份有限公司	3.45	1.0213	2019
436 上海浦东发展银行股份有限公司	华夏基金管理有限公司 交银施罗德	2.10	1.0032	2019
437 上海浦东发展银行股份有限公司	易方达基金管理有限公司 中欧基金	1.88	0.9876	2019
438 上海浦东发展银行股份有限公司	景顺长城基金管理有限公司 兴全基金	4.02	1.0000	2019
439 上海浦东发展银行股份有限公司	华安基金管理有限公司 浦银安盛	0.95	1.1050	2019
440 上海浦东发展银行股份有限公司	银华基金管理股份有限公司 大成基金	3.45	1.0213	2019
441 上海浦东发展银行股份有限公司	嘉实基金管理有限公司 鹏华基金	2.10	1.0032	2019
442 上海浦东发展银行股份有限公司	国泰基金管理有限公司 天弘基金	1.88	0.9876	2019
443 上海浦东发展银行股份有限公司	南方基金管理股份有限公司 广发基金	4.02	1.0000	2019
444 上海浦东发展银行股份有限公司 上银基金管理有限公司 浦发银行 汇添富	0.95	1.1050	2019
445 上海浦东发展银行股份有限公司	博时基金管理有限公司 富国基金	3.45	1.0213	2019
446 上海浦东发展银行股份有限公司	浦发银行 东方红 产品代销协议	2.10	1.0032	2019
447 上海浦东发展银行股份有限公司	招商基金管理有限公司 工银瑞信	1.88	0.9876	2019
448 上海浦东发展银行股份有限公司 上海浦东发展银行 东方证券股份有限公司	4.02	1.0000	2019
449 上海浦东发展银行股份有限公司	华夏基金管理有限公司 交银施罗德	0.95	1.1050	2019
450 上海浦东发展银行股份有限公司	易方达基金管理有限公司 中欧基金	3.45	1.0213	2019
451 上海浦东发展银行股份有限公司	景顺长城基金管理有限公司 兴全基金	2.10	1.0032	2019
452 上海浦东发展银行股份有限公司	华安基金管理有限公司 浦银安盛	1.88	0.9876	2019
453 上海浦东发展银行股份有限公司	银华基金管理股份有限公司 大成基金	4.02	1.0000	2019
454 上海浦东发展银行股份有限公司	嘉实基金管理有限公司 鹏华基金	0.95	1.1050	2019
455 上海浦东发展银行股份有限公司	国泰基金管理有限公司 天弘基金	3.45	1.0213	2019
456 上海浦东发展银行股份有限公司	南方基金管理股份有限公司 广发基金	2.10	1.0032	2019
457 上海浦东发展银行股份有限公司 上银基金管理有限公司 浦发银行 汇添富	1.88	0.9876	2019
458 上海浦东发展银行股份有限公司	博时基金管理有限公司 富国基金	4.02	1.0000	2019
459 上海浦东发展银行股份有限公司	浦发银行 东方红 产品代销协议	0.95	1.1050	2019
460 上海浦东发展银行股份有限公司	招商基金管理有限公司 工银瑞信	3.45	1.0213	2019
461 上海浦东发展银行股份有限公司 上海浦东发展银行 东方证券股份有限公司	2.10	1.0032	2019
462 上海浦东发展银行股份有限公司	华夏基金管理有限公司 交银施罗德	1.88	0.9876	2019
463 上海浦东发展银行股份有限公司	易方达基金管理有限公司 中欧基金	4.02	1.0000	2019
464 上海浦东发展银行股份有限公司	景顺长城基金管理有限公司 兴全基金	0.95	1.1050	2019
465 上海浦东发展银行股份有限公司	华安基金管理有限公司 浦银安盛	3.45	1.0213	2019
466 上海浦东发展银行股份有限公司	银华基金管理股份有限公司 大成基金	2.10	1.0032	2019
467 上海浦东发展银行股份有限公司	嘉实基金管理有限公司 鹏华基金	1.88	0.9876	2019
468 上海浦东发展银行股份有限公司	国泰基金管理有限公司 天弘基金	4.02	1.0000	2019
469 上海浦东发展银行股份有限公司	南方基金管理股份有限公司 广发基金	0.95	1.1050	2019
470 上海浦东发展银行股份有限公司 上银基金管理有限公司 浦发银行 汇添富	3.45	1.0213	2019
471 上海浦东发展银行股份有限公司	博时基金管理有限公司 富国基金	2.10	1.0032	2019
472 上海浦东发展银行股份有限公司	浦发银行 东方红 产品代销协议	1.88	0.9876	2019
473 上海浦东发展银行股份有限公司	招商基金管理有限公司 工银瑞信	4.02	1.0000	2019
474 上海浦东发展银行股份有限公司 上海浦东发展银行 东方证券股份有限公司	0.95	1.1050	2019
475 上海浦东发展银行股份有限公司	华夏基金管理有限公司 交银施罗德	3.45	1.0213	2019
476 上海浦东发展银行股份有限公司	易方达基金管理有限公司 中欧基金	2.10	1.0032	2019
477 上海浦东发展银行股份有限公司	景顺长城基金管理有限公司 兴全基金	1.88	0.9876	2019
478 上海浦东发展银行股份有限公司	华安基金管理有限公司 浦银安盛	4.02	1.0000	2019
479 上海浦东发展银行股份有限公司	银华基金管理股份有限公司 大成基金	0.95	1.1050	2019
480 上海浦东发展银行股份有限公司	嘉实基金管理有限公司 鹏华基金	3.45	1.0213	2019
481 上海浦东发展银行股份有限公司	国泰基金管理有限公司 天弘基金	2.10	1.0032	2019
482 上海浦东发展银行股份有限公司	南方基金管理股份有限公司 广发基金	1.88	0.9876	2019
483 上海浦东发展银行股份有限公司 上银基金管理有限公司 浦发银行 汇添富	4.02	1.0000	2019
484 上海浦东发展银行股份有限公司	博时基金管理有限公司 富国基金	0.95	1.1050	2019
485 上海浦东发展银行股份有限公司	浦发银行 东方红 产品代销协议	3.45	1.0213	2019
486 上海浦东发展银行股份有限公司	招商基金管理有限公司 工银瑞信	2.10	1.0032	2019
487 上海浦东发展银行股份有限公司 上海浦东发展银行 东方证券股份有限公司	1.88	0.9876	2019
488 上海浦东发展银行股份有限公司	华夏基金管理有限公司 交银施罗德	4.02	1.0000	2019
489 上海浦东发展银行股份有限公司	易方达基金管理有限公司 中欧基金	0.95	1.1050	2019
490 上海浦东发展银行股份有限公司	景顺长城基金管理有限公司 兴全基金	3.45	1.0213	2019
491 上海浦东发展银行股份有限公司	华安基金管理有限公司 浦银安盛	2.10	1.0032	2019
492 上海浦东发展银行股份有限公司	银华基金管理股份有限公司 大成基金	1.88	0.9876	2019
493 上海浦东发展银行股份有限公司	嘉实基金管理有限公司 鹏华基金	4.02	1.0000	2019
494 上海浦东发展银行股份有限公司	国泰基金管理有限公司 天弘基金	0.95	1.1050	2019
495 上海浦东发展银行股份有限公司	南方基金管理股份有限公司 广发基金	3.45	1.0213	2019
496 上海浦东发展银行股份有限公司 上银基金管理有限公司 浦发银行 汇添富	2.10	1.0032	2019
497 上海浦东发展银行股份有限公司	博时基金管理有限公司 富国基金	1.88	0.9876	2019
498 上海浦东发展银行股份有限公司	浦发银行 东方红 产品代销协议	4.02	1.0000	2019
499 上海浦东发展银行股份有限公司	招商基金管理有限公司 工银瑞信	0.95	1.1050	2019
500 上海浦东发展银行股份有限公司 上海浦东发展银行 东方证券股份有限公司	3.45	1.0213	2019
501 上海浦东发展银行股份有限公司	华夏基金管理有限公司 交银施罗德	2.10	1.0032	2019
502 上海浦东发展银行股份有限公司	易方达基金管理有限公司 中欧基金	1.88	0.9876	2019
503 上海浦东发展银行股份有限公司	景顺长城基金管理有限公司 兴全基金	4.02	1.0000	2019
504 上海浦东发展银行股份有限公司	华安基金管理有限公司 浦银安盛	0.95	1.1050	2019
505 上海浦东发展银行股份有限公司	银华基金管理股份有限公司 大成基金	3.45	1.0213	2019
506 上海浦东发展银行股份有限公司	嘉实基金管理有限公司 鹏华基金	2.10	1.0032	2019
507 上海浦东发展银行股份有限公司	国泰基金管理有限公司 天弘基金	1.88	0.9876	2019
508 上海浦东发展银行股份有限公司	南方基金管理股份有限公司 广发基金	4.02	1.0000	2019
509 上海浦东发展银行股份有限公司 上银基金管理有限公司 浦发银行 汇添富	0.95	1.1050	2019
510 上海浦东发展银行股份有限公司	博时基金管理有限公司 富国基金	3.45	1.0213	2019
511 上海浦东发展银行股份有限公司	浦发银行 东方红 产品代销协议	2.10	1.0032	2019
512 上海浦东发展银行股份有限公司	招商基金管理有限公司 工银瑞信	1.88	0.9876	2019
513 上海浦东发展银行股份有限公司 上海浦东发展银行 东方证券股份有限公司	4.02	1.0000	2019
514 上海浦东发展银行股份有限公司	华夏基金管理有限公司 交银施罗德	0.95	1.1050	2019
515 上海浦东发展银行股份有限公司	易方达基金管理有限公司 中欧基金	3.45	1.0213	2019
516 上海浦东发展银行股份有限公司	景顺长城基金管理有限公司 兴全基金	2.10	1.0032	2019
517 上海浦东发展银行股份有限公司	华安基金管理有限公司 浦银安盛	1.88	0.9876	2019
518 上海浦东发展银行股份有限公司	银华基金管理股份有限公司 大成基金	4.02	1.0000	2019
519 上海浦东发展银行股份有限公司	嘉实基金管理有限公司 鹏华基金	0.95	1.1050	2019
520 上海浦东发展银行股份有限公司	国泰基金管理有限公司 天弘基金	3.45	1.0213	2019
521 上海浦东发展银行股份有限公司	南方基金管理股份有限公司 广发基金	2.10	1.0032	2019
522 上海浦东发展银行股份有限公司 上银基金管理有限公司 浦发银行 汇添富	1.88	0.9876	2019
523 上海浦东发展银行股份有限公司	博时基金管理有限公司 富国基金	4.02	1.0000	2019
524 上海浦东发展银行股份有限公司	浦发银行 东方红 产品代销协议	0.95	1.1050	2019
525 上海浦东发展银行股份有限公司	招商基金管理有限公司 工银瑞信	3.45	1.0213	2019
526 上海浦东发展银行股份有限公司 上海浦东发展银行 东方证券股份有限公司	2.10	1.0032	2019
527 上海浦东发展银行股份有限公司	华夏基金管理有限公司 交银施罗德	1.88	0.9876	2019
528 上海浦东发展银行股份有限公司	易方达基金管理有限公司 中欧基金	4.02	1.0000	2019
529 上海浦东发展银行股份有限公司	景顺长城基金管理有限公司 兴全基金	0.95	1.1050	2019
530 上海浦东发展银行股份有限公司	华安基金管理有限公司 浦银安盛	3.45	1.0213	2019
531 上海浦东发展银行股份有限公司	银华基金管理股份有限公司 大成基金	2.10	1.0032	2019
532 上海浦东发展银行股份有限公司	嘉实基金管理有限公司 鹏华基金	1.88	0.9876	2019
533 上海浦东发展银行股份有限公司	国泰基金管理有限公司 天弘基金	4.02	1.0000	2019
534 上海浦东发展银行股份有限公司	南方基金管理股份有限公司 广发基金	0.95	1.1050	2019
535 上海浦东发展银行股份有限公司 上银基金管理有限公司 浦发银行 汇添富	3.45	1.0213	2019
536 上海浦东发展银行股份有限公司	博时基金管理有限公司 富国基金	2.10	1.0032	2019
537 上海浦东发展银行股份有限公司	浦发银行 东方红 产品代销协议	1.88	0.9876	2019
538 上海浦东发展银行股份有限公司	招商基金管理有限公司 工银瑞信	4.02	1.0000	2019
539 上海浦东发展银行股份有限公司 上海浦东发展银行 东方证券股份有限公司	0.95	1.1050	2019
540 上海浦东发展银行股份有限公司	华夏基金管理有限公司 交银施罗德	3.45	1.0213	2019
541 上海浦东发展银行股份有限公司	易方达基金管理有限公司 中欧基金	2.10	1.0032	2019
542 上海浦东发展银行股份有限公司	景顺长城基金管理有限公司 兴全基金	1.88	0.9876	2019
543 上海浦东发展银行股份有限公司	华安基金管理有限公司 浦银安盛	4.02	1.0000	2019
544 上海浦东发展银行股份有限公司	银华基金管理股份有限公司 大成基金	0.95	1.1050	2019
545 上海浦东发展银行股份有限公司	嘉实基金管理有限公司 鹏华基金	3.45	1.0213	2019
546 上海浦东发展银行股份有限公司	国泰基金管理有限公司 天弘基金	2.10	1.0032	2019
547 上海浦东发展银行股份有限公司	南方基金管理股份有限公司 广发基金	1.88	0.9876	2019
548 上海浦东发展银行股份有限公司 上银基金管理有限公司 浦发银行 汇添富	4.02	1.0000	2019
549 上海浦东发展银行股份有限公司	博时基金管理有限公司 富国基金	0.95	1.1050	2019
550 上海浦东发展银行股份有限公司	浦发银行 东方红 产品代销协议	3.45	1.0213	2019
551 上海浦东发展银行股份有限公司	招商基金管理有限公司 工银瑞信	2.10	1.0032	2019
552 上海浦东发展银行股份有限公司 上海浦东发展银行 东方证券股份有限公司	1.88	0.9876	2019
553 上海浦东发展银行股份有限公司	华夏基金管理有限公司 交银施罗德	4.02	1.0000	2019
554 上海浦东发展银行股份有限公司	易方达基金管理有限公司 中欧基金	0.95	1.1050	2019
555 上海浦东发展银行股份有限公司	景顺长城基金管理有限公司 兴全基金	3.45	1.0213	2019
556 上海浦东发展银行股份有限公司	华安基金管理有限公司 浦银安盛	2.10	1.0032	2019
557 上海浦东发展银行股份有限公司	银华基金管理股份有限公司 大成基金	1.88	0.9876	2019
558 上海浦东发展银行股份有限公司	嘉实基金管理有限公司 鹏华基金	4.02	1.0000	2019
559 上海浦东发展银行股份有限公司	国泰基金管理有限公司 天弘基金	0.95	1.1050	2019
560 上海浦东发展银行股份有限公司	南方基金管理股份有限公司 广发基金	3.45	1.0213	2019
561 上海浦东发展银行股份有限公司 上银基金管理有限公司 浦发银行 汇添富	2.10	1.0032	2019
562 上海浦东发展银行股份有限公司	博时基金管理有限公司 富国基金	1.88	0.9876	2019
563 上海浦东发展银行股份有限公司	浦发银行 东方红 产品代销协议	4.02	1.0000	2019
564 上海浦东发展银行股份有限公司	招商基金管理有限公司 工银瑞信	0.95	1.1050	2019
565 上海浦东发展银行股份有限公司 上海浦东发展银行 东方证券股份有限公司	3.45	1.0213	2019
566 上海浦东发展银行股份有限公司	华夏基金管理有限公司 交银施罗德	2.10	1.0032	2019
567 上海浦东发展银行股份有限公司	易方达基金管理有限公司 中欧基金	1.88	0.9876	2019
568 上海浦东发展银行股份有限公司	景顺长城基金管理有限公司 兴全基金	4.02	1.0000	2019
569 上海浦东发展银行股份有限公司	华安基金管理有限公司 浦银安盛	0.95	1.1050	2019
570 上海浦东发展银行股份有限公司	银华基金管理股份有限公司 大成基金	3.45	1.0213	2019
571 上海浦东发展银行股份有限公司	嘉实基金管理有限公司 鹏华基金	2.10	1.0032	2019
下转A87版
